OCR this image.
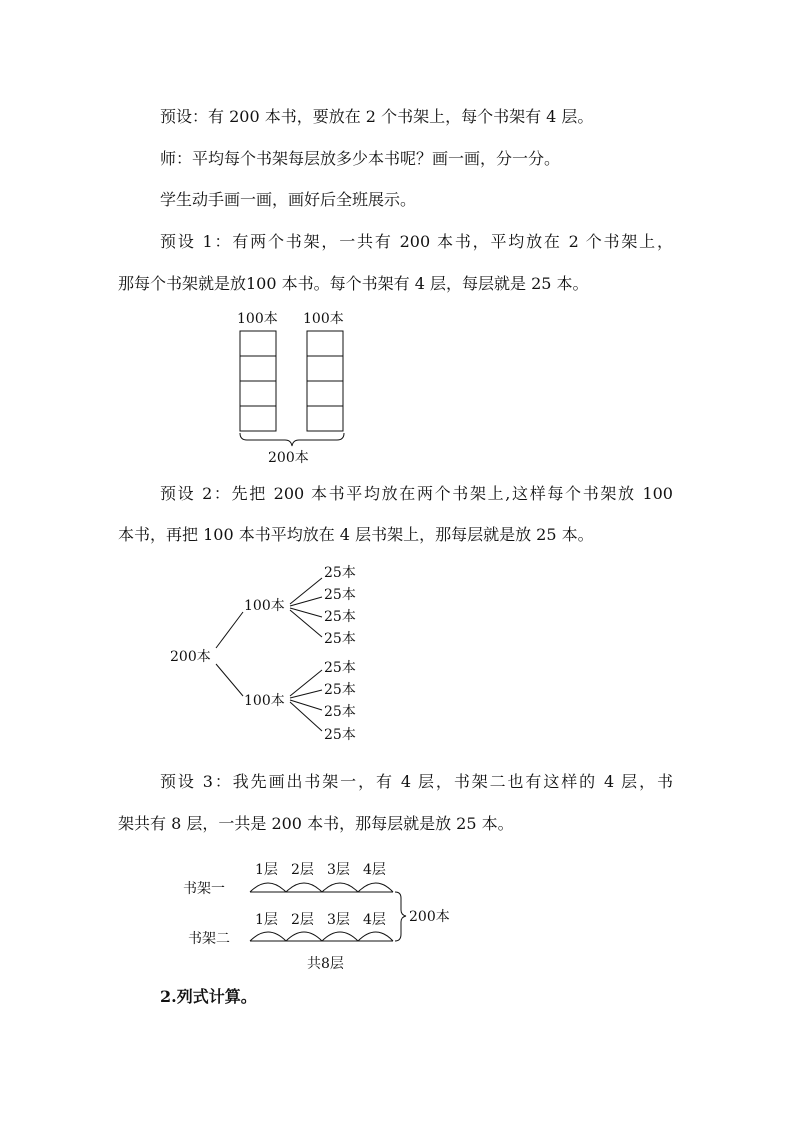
预设：有 200 本书，要放在 2 个书架上，每个书架有 4 层。
师：平均每个书架每层放多少本书呢？画一画，分一分。
学生动手画一画，画好后全班展示。
预设 1：有两个书架，一共有 200 本书，平均放在 2 个书架上，
那每个书架就是放100 本书。每个书架有 4 层，每层就是 25 本。
100本 100本
200本
预设 2：先把 200 本书平均放在两个书架上,这样每个书架放 100
本书，再把 100 本书平均放在 4 层书架上，那每层就是放 25 本。
200本
100本
100本
25本
25本
25本
25本
25本
25本
25本
25本
预设 3：我先画出书架一，有 4 层，书架二也有这样的 4 层，书
架共有 8 层，一共是 200 本书，那每层就是放 25 本。
书架一
书架二
1层 2层 3层 4层
1层 2层 3层 4层 200本
共8层
2.列式计算。
